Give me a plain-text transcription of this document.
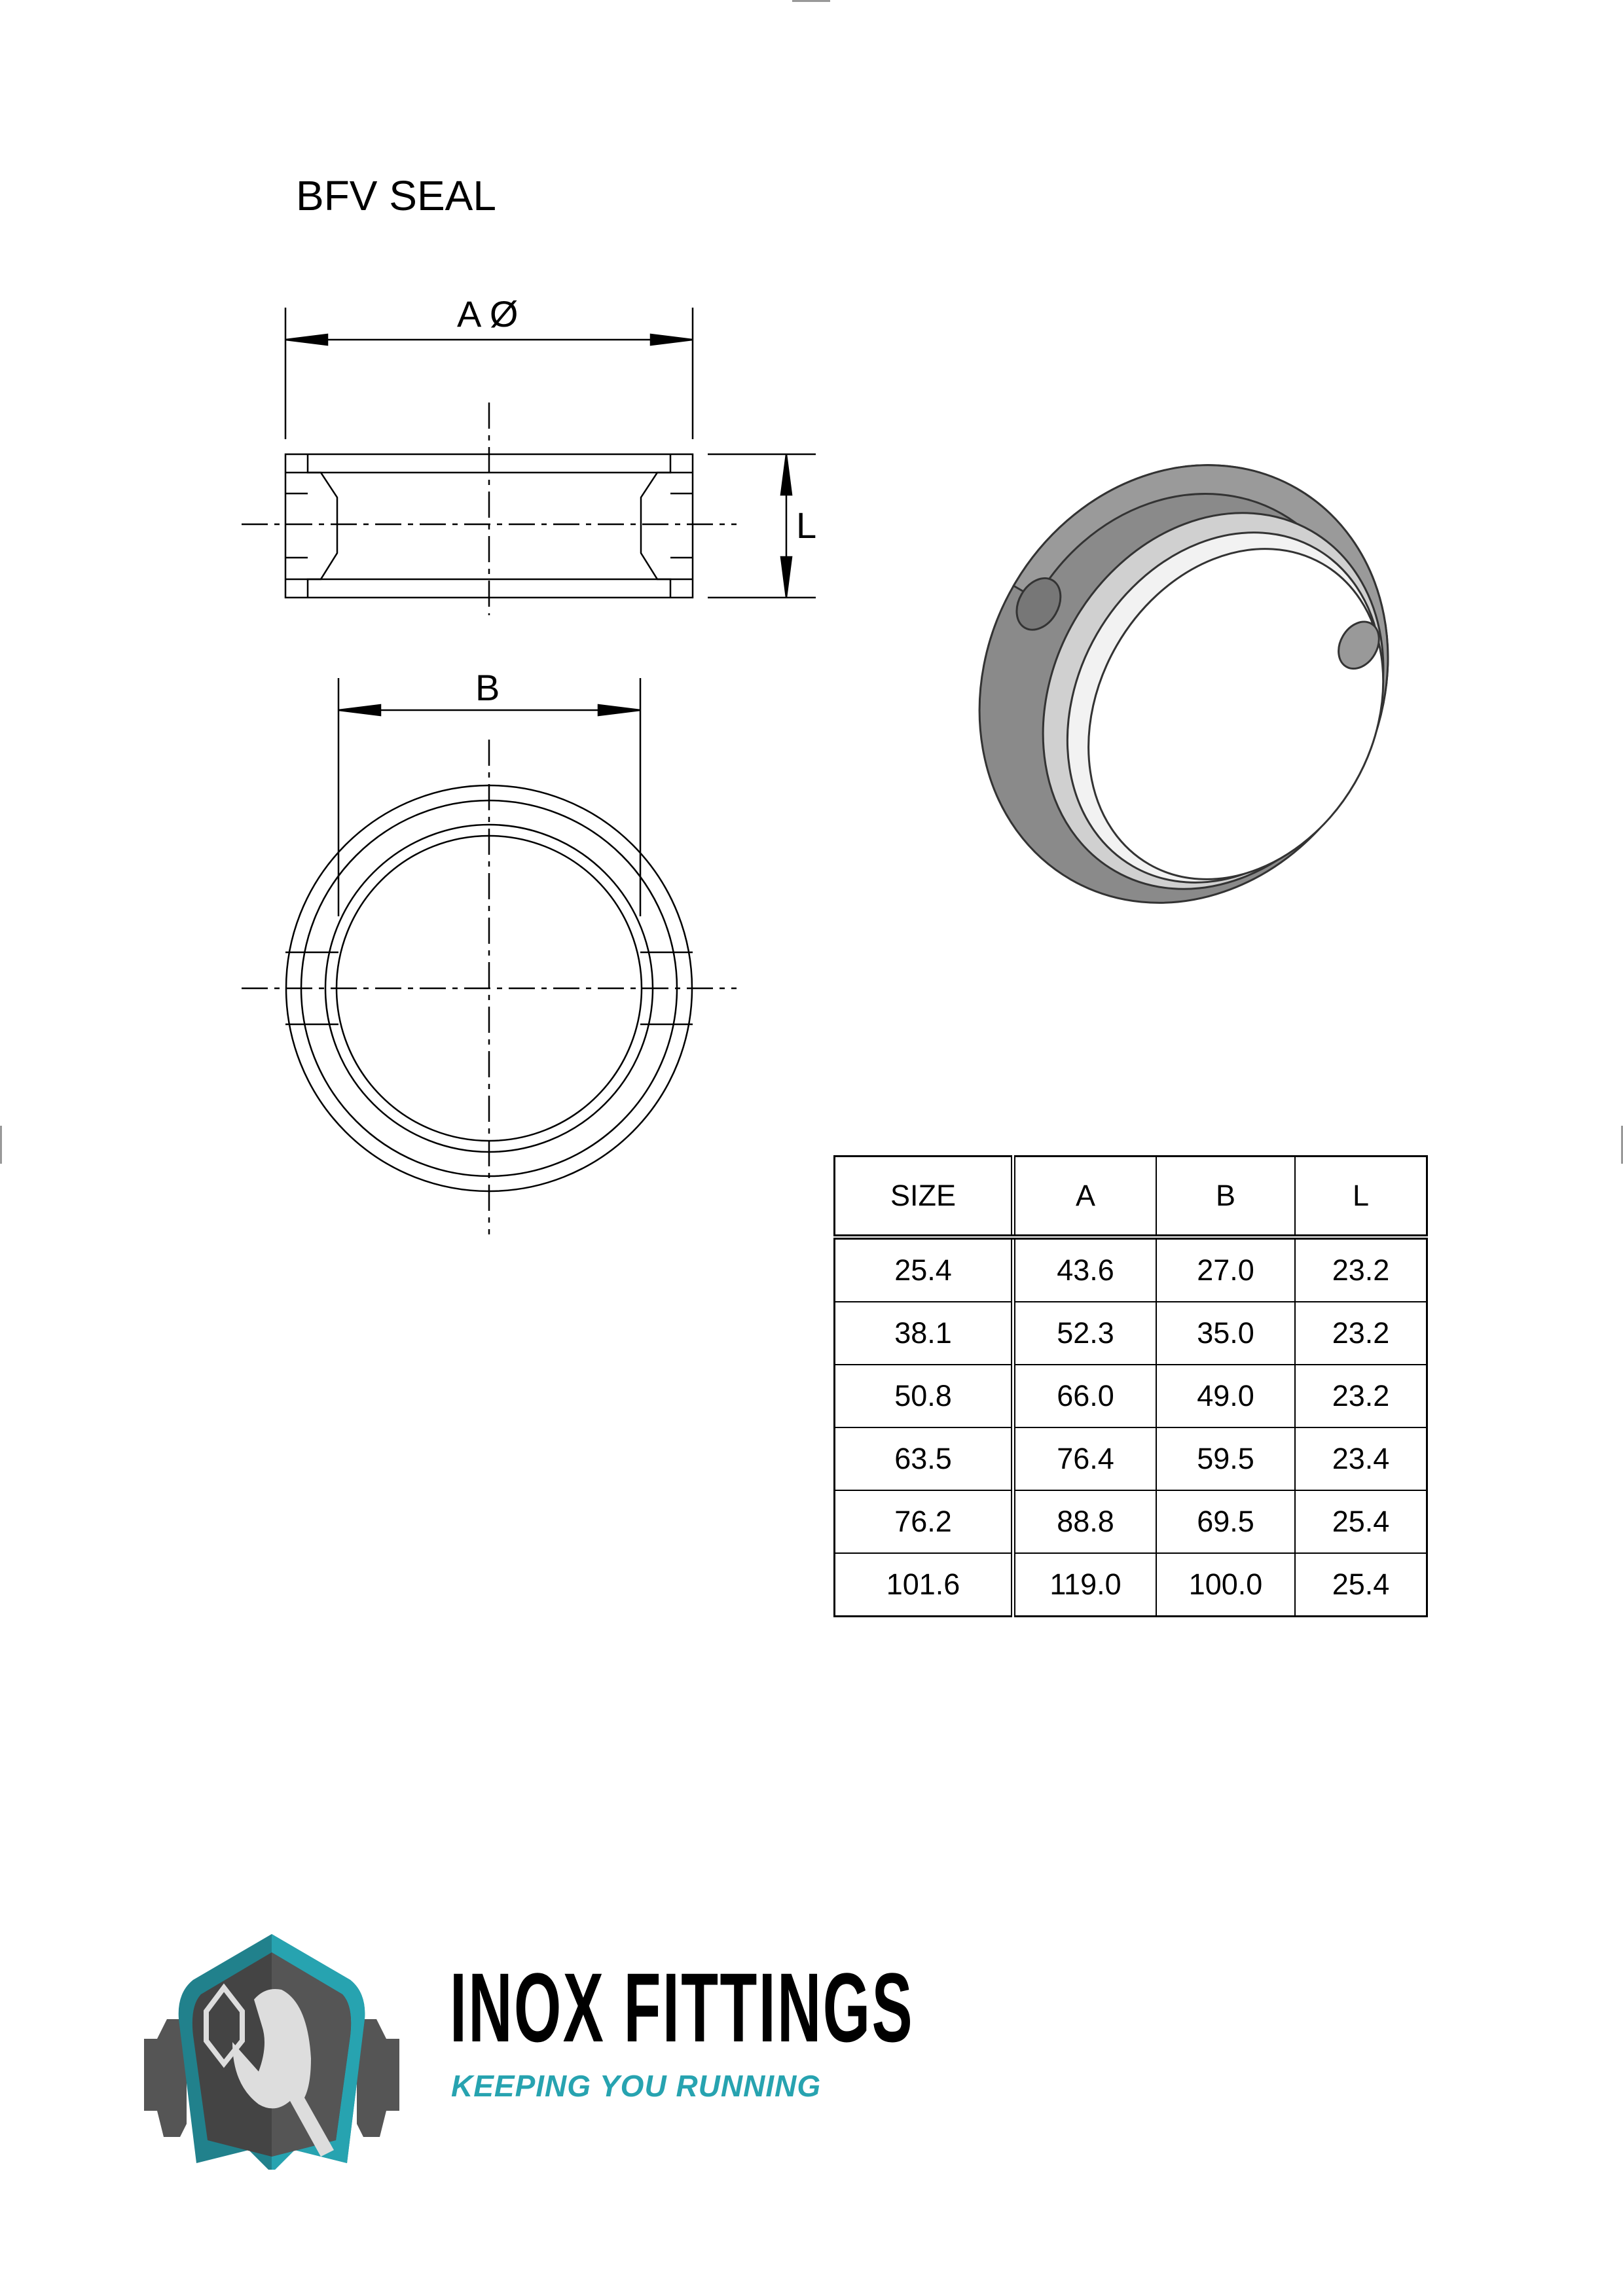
BFV SEAL
A Ø
L
B
SIZE	A	B	L
25.4	43.6	27.0	23.2
38.1	52.3	35.0	23.2
50.8	66.0	49.0	23.2
63.5	76.4	59.5	23.4
76.2	88.8	69.5	25.4
101.6	119.0	100.0	25.4
INOX FITTINGS
KEEPING YOU RUNNING
